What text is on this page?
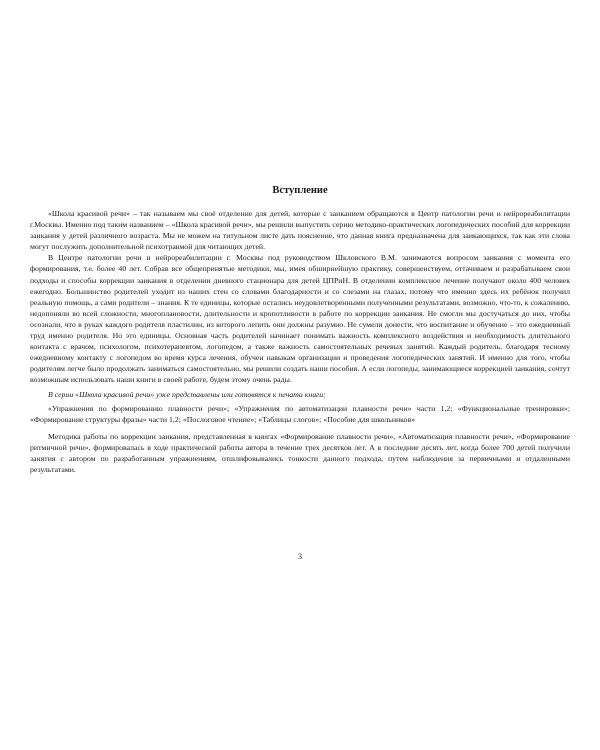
Вступление

«Школа красивой речи» – так называем мы своё отделение для детей, которые с заиканием обращаются в Центр патологии речи и нейрореабилитации г.Москвы. Именно под таким названием – «Школа красивой речи», мы решили выпустить серию методико-практических логопедических пособий для коррекции заикания у детей различного возраста. Мы не можем на титульном листе дать пояснение, что данная книга предназначена для заикающихся, так как эти слова могут послужить дополнительной психотравмой для читающих детей.

В Центре патологии речи и нейрореабилитации г. Москвы под руководством Шкловского В.М. занимаются вопросом заикания с момента его формирования, т.е. более 40 лет. Собрав все общепринятые методики, мы, имея обширнейшую практику, совершенствуем, оттачиваем и разрабатываем свои подходы и способы коррекции заикания в отделении дневного стационара для детей ЦПРиН. В отделении комплексное лечение получают около 400 человек ежегодно. Большинство родителей уходит из наших стен со словами благодарности и со слезами на глазах, потому что именно здесь их ребёнок получил реальную помощь, а сами родители – знания. К те единицы, которые остались неудовлетворенными полученными результатами, возможно, что-то, к сожалению, недопоняли во всей сложности, многоплановости, длительности и кропотливости в работе по коррекции заикания. Не смогли мы достучаться до них, чтобы осознали, что в руках каждого родителя пластилин, из которого лепить они должны разумно. Не сумели донести, что воспитание и обучение – это ежедневный труд именно родителя. Но это единицы. Основная часть родителей начинает понимать важность комплексного воздействия и необходимость длительного контакта с врачом, психологом, психотерапевтом, логопедом, а также важность самостоятельных речевых занятий. Каждый родитель, благодаря тесному ежедневному контакту с логопедом во время курса лечения, обучен навыкам организации и проведения логопедических занятий. И именно для того, чтобы родителям легче было продолжать заниматься самостоятельно, мы решили создать наши пособия. А если логопеды, занимающиеся коррекцией заикания, сочтут возможным использовать наши книги в своей работе, будем этому очень рады.

В серии «Школа красивой речи» уже представлены или готовятся к печати книги:

«Упражнения по формированию плавности речи»; «Упражнения по автоматизации плавности речи» части 1,2; «Функциональные тренировки»; «Формирование структуры фразы» части 1,2; «Послоговое чтение»; «Таблицы слогов»; «Пособие для школьников»

Методика работы по коррекции заикания, представленная в книгах «Формирование плавности речи», «Автоматизация плавности речи», «Формирование ритмичной речи», формировалась в ходе практической работы автора в течение трех десятков лет. А в последние десять лет, когда более 700 детей получили занятия с автором по разработанным упражнениям, отшлифовывались тонкости данного подхода, путем наблюдения за первичными и отдаленными результатами.

3
